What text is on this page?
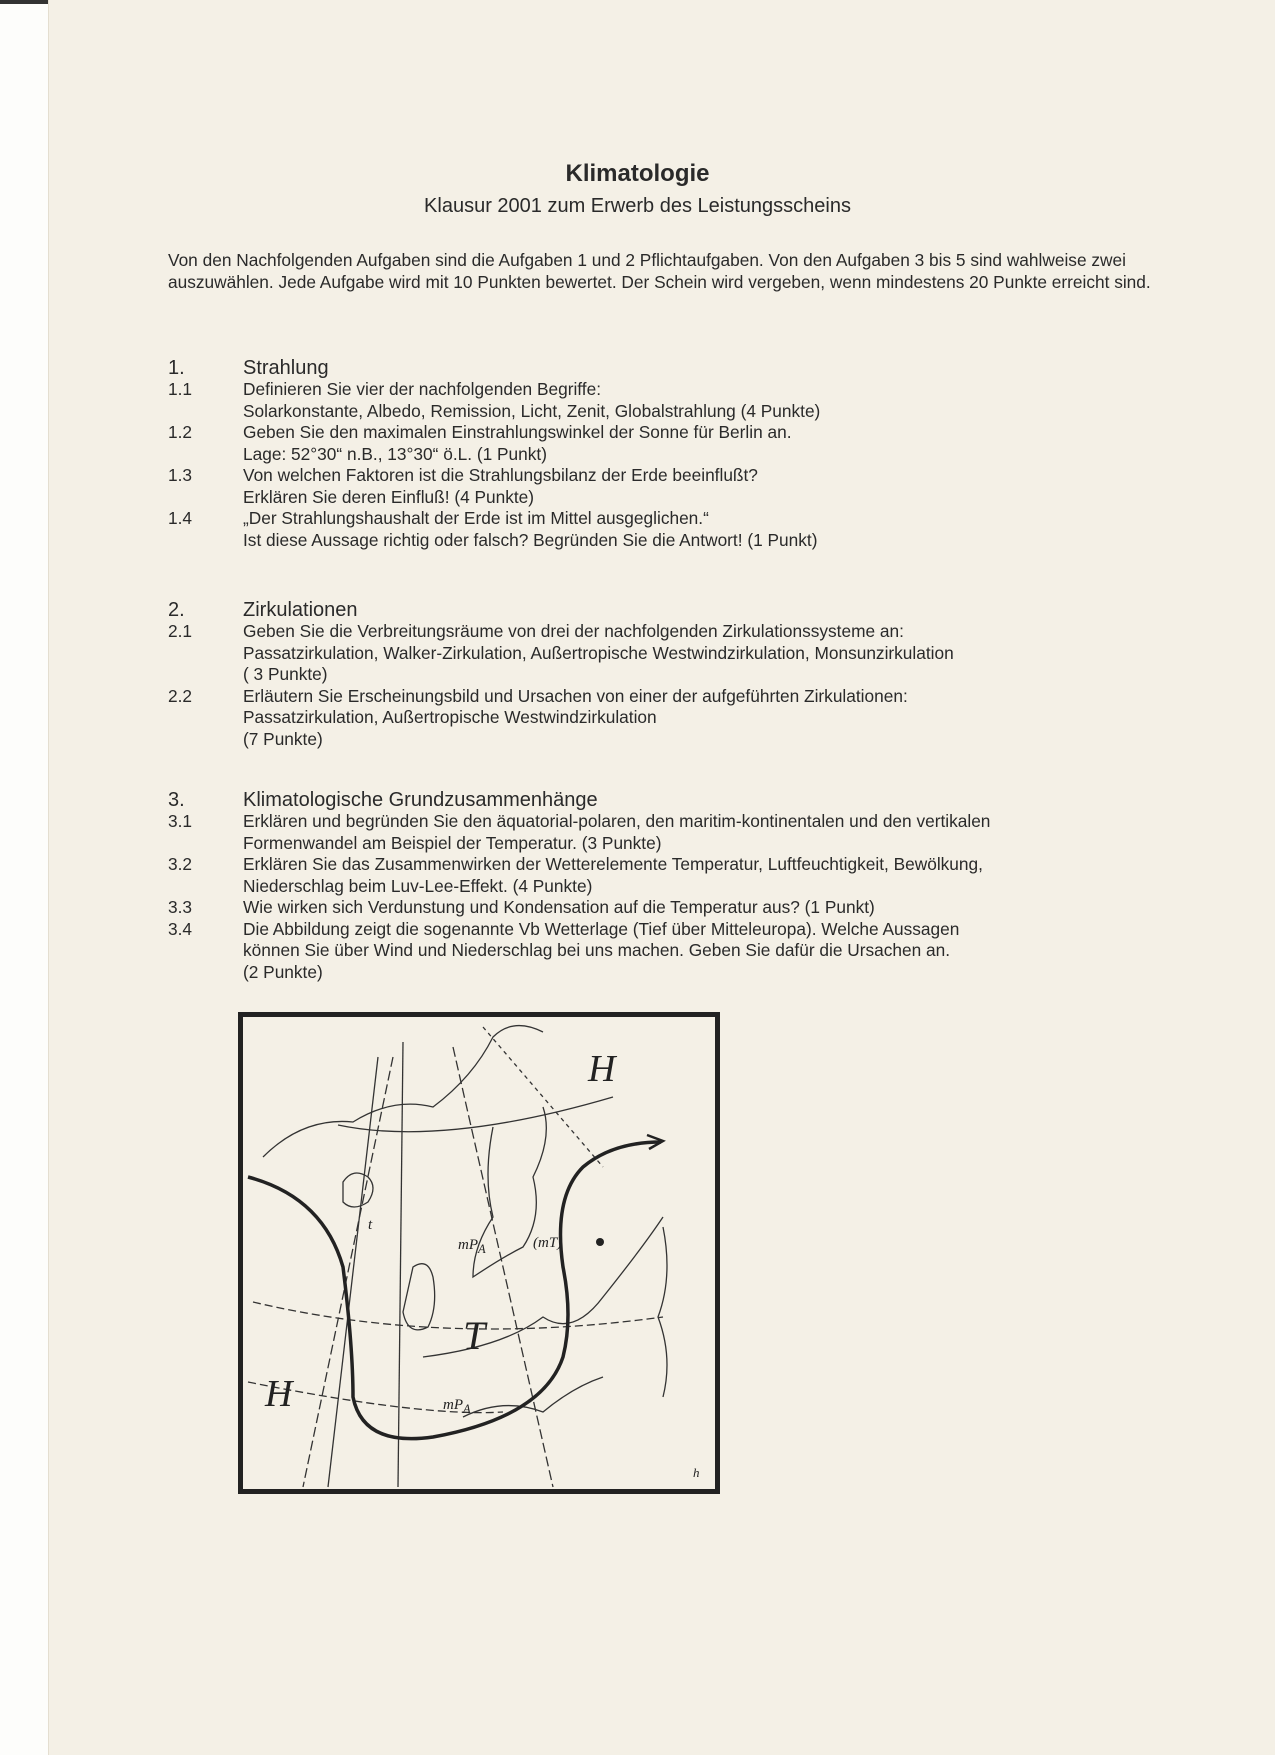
Klimatologie
Klausur 2001 zum Erwerb des Leistungsscheins
Von den Nachfolgenden Aufgaben sind die Aufgaben 1 und 2 Pflichtaufgaben. Von den Aufgaben 3 bis 5 sind wahlweise zwei auszuwählen. Jede Aufgabe wird mit 10 Punkten bewertet. Der Schein wird vergeben, wenn mindestens 20 Punkte erreicht sind.
1.	Strahlung
1.1	Definieren Sie vier der nachfolgenden Begriffe:
Solarkonstante, Albedo, Remission, Licht, Zenit, Globalstrahlung (4 Punkte)
1.2	Geben Sie den maximalen Einstrahlungswinkel der Sonne für Berlin an.
Lage: 52°30“ n.B., 13°30“ ö.L. (1 Punkt)
1.3	Von welchen Faktoren ist die Strahlungsbilanz der Erde beeinflußt?
Erklären Sie deren Einfluß! (4 Punkte)
1.4	„Der Strahlungshaushalt der Erde ist im Mittel ausgeglichen.“
Ist diese Aussage richtig oder falsch? Begründen Sie die Antwort! (1 Punkt)
2.	Zirkulationen
2.1	Geben Sie die Verbreitungsräume von drei der nachfolgenden Zirkulationssysteme an:
Passatzirkulation, Walker-Zirkulation, Außertropische Westwindzirkulation, Monsunzirkulation
( 3 Punkte)
2.2	Erläutern Sie Erscheinungsbild und Ursachen von einer der aufgeführten Zirkulationen:
Passatzirkulation, Außertropische Westwindzirkulation
(7 Punkte)
3.	Klimatologische Grundzusammenhänge
3.1	Erklären und begründen Sie den äquatorial-polaren, den maritim-kontinentalen und den vertikalen
Formenwandel am Beispiel der Temperatur. (3 Punkte)
3.2	Erklären Sie das Zusammenwirken der Wetterelemente Temperatur, Luftfeuchtigkeit, Bewölkung,
Niederschlag beim Luv-Lee-Effekt. (4 Punkte)
3.3	Wie wirken sich Verdunstung und Kondensation auf die Temperatur aus? (1 Punkt)
3.4	Die Abbildung zeigt die sogenannte Vb Wetterlage (Tief über Mitteleuropa). Welche Aussagen
können Sie über Wind und Niederschlag bei uns machen. Geben Sie dafür die Ursachen an.
(2 Punkte)
H
H
T
$mP_A$	(mT)
$mP_A$
t
h
